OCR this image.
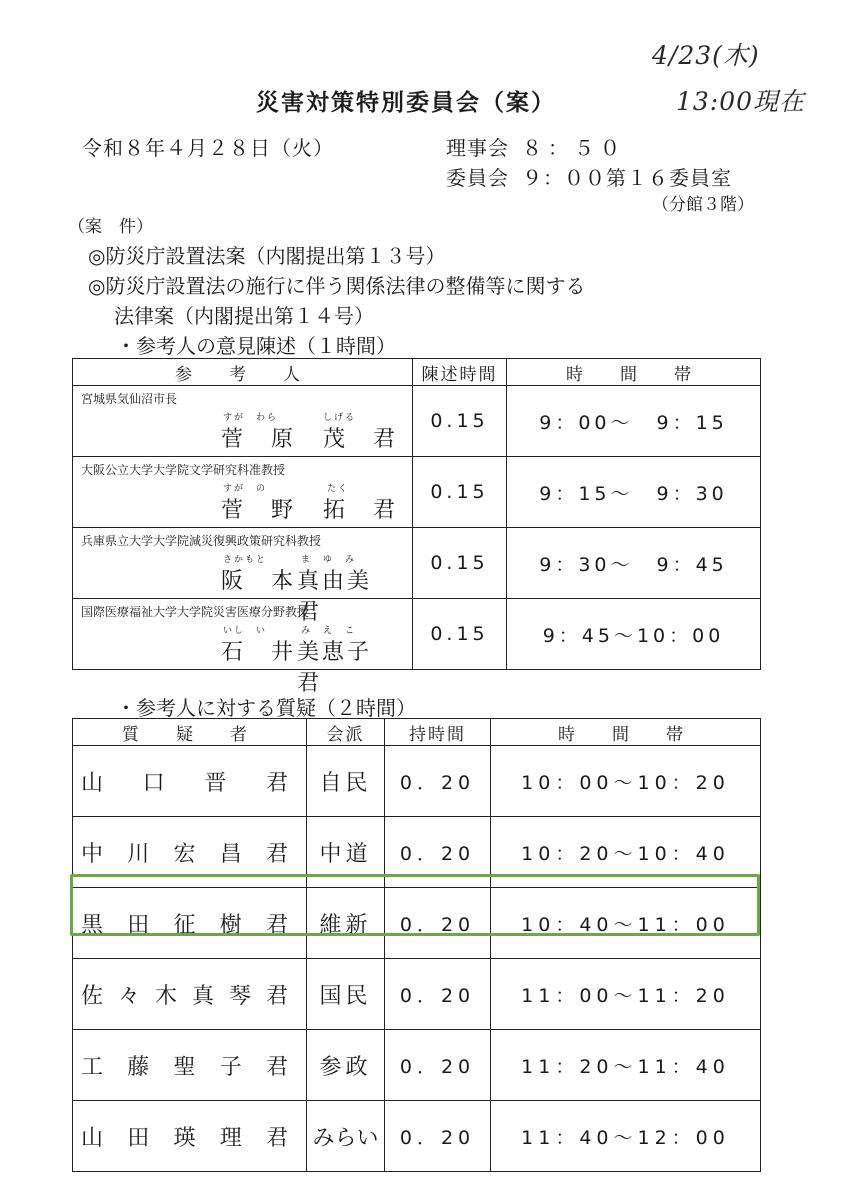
4/23(木)
13:00現在
災害対策特別委員会（案）
令和８年４月２８日（火）	理事会 ８：５０
委員会 ９：００第１６委員室
（分館３階）
（案　件）
◎防災庁設置法案（内閣提出第１３号）
◎防災庁設置法の施行に伴う関係法律の整備等に関する
法律案（内閣提出第１４号）
・参考人の意見陳述（１時間）
参　考　人	陳述時間	時　間　帯

宮城県気仙沼市長
すが　わら しげる
菅　原 茂　君	0.15	9：00～　9：15

大阪公立大学大学院文学研究科准教授
すが　の たく
菅　野 拓　君	0.15	9：15～　9：30

兵庫県立大学大学院減災復興政策研究科教授
さかもと ま　ゆ　み
阪　本 真由美　君	0.15	9：30～　9：45

国際医療福祉大学大学院災害医療分野教授
いし　い み　え　こ
石　井 美恵子　君	0.15	9：45～10：00
・参考人に対する質疑（２時間）
質　疑　者	会派	持時間	時　間　帯
山口晋君	自民	0．20	10：00～10：20
中川宏昌君	中道	0．20	10：20～10：40
黒田征樹君	維新	0．20	10：40～11：00
佐々木真琴君	国民	0．20	11：00～11：20
工藤聖子君	参政	0．20	11：20～11：40
山田瑛理君	みらい	0．20	11：40～12：00
